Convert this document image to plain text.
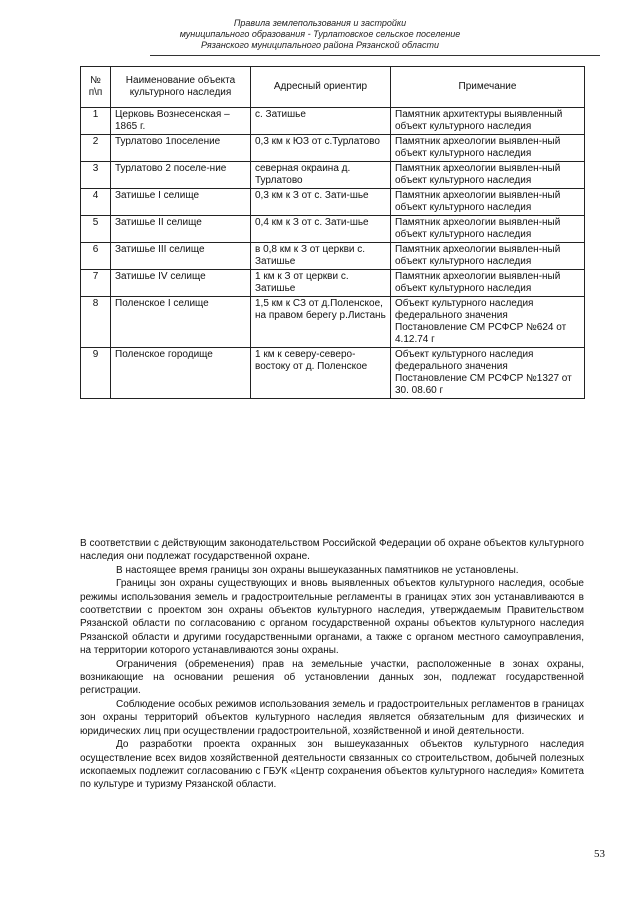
Правила землепользования и застройки
муниципального образования - Турлатовское сельское поселение
Рязанского муниципального района Рязанской области
№ п\п	Наименование объекта культурного наследия	Адресный ориентир	Примечание
1	Церковь Вознесенская – 1865 г.	с. Затишье	Памятник архитектуры выявленный объект культурного наследия
2	Турлатово 1поселение	0,3 км к ЮЗ от с.Турлатово	Памятник археологии выявлен-ный объект культурного наследия
3	Турлатово 2 поселе-ние	северная окраина д. Турлатово	Памятник археологии выявлен-ный объект культурного наследия
4	Затишье I селище	0,3 км к З от с. Зати-шье	Памятник археологии выявлен-ный объект культурного наследия
5	Затишье II селище	0,4 км к З от с. Зати-шье	Памятник археологии выявлен-ный объект культурного наследия
6	Затишье III селище	в 0,8 км к З от церкви с. Затишье	Памятник археологии выявлен-ный объект культурного наследия
7	Затишье IV селище	1 км к З от церкви с. Затишье	Памятник археологии выявлен-ный объект культурного наследия
8	Поленское I селище	1,5 км к СЗ от д.Поленское, на правом берегу р.Листань	Объект культурного наследия федерального значения Постановление СМ РСФСР №624 от 4.12.74 г
9	Поленское городище	1 км к северу-северо-востоку от д. Поленское	Объект культурного наследия федерального значения Постановление СМ РСФСР №1327 от 30. 08.60 г

В соответствии с действующим законодательством Российской Федерации об охране объектов культурного наследия они подлежат государственной охране.

В настоящее время границы зон охраны вышеуказанных памятников не установлены.

Границы зон охраны существующих и вновь выявленных объектов культурного наследия, особые режимы использования земель и градостроительные регламенты в границах этих зон устанавливаются в соответствии с проектом зон охраны объектов культурного наследия, утверждаемым Правительством Рязанской области по согласованию с органом государственной охраны объектов культурного наследия Рязанской области и другими государственными органами, а также с органом местного самоуправления, на территории которого устанавливаются зоны охраны.

Ограничения (обременения) прав на земельные участки, расположенные в зонах охраны, возникающие на основании решения об установлении данных зон, подлежат государственной регистрации.

Соблюдение особых режимов использования земель и градостроительных регламентов в границах зон охраны территорий объектов культурного наследия является обязательным для физических и юридических лиц при осуществлении градостроительной, хозяйственной и иной деятельности.

До разработки проекта охранных зон вышеуказанных объектов культурного наследия осуществление всех видов хозяйственной деятельности связанных со строительством, добычей полезных ископаемых подлежит согласованию с ГБУК «Центр сохранения объектов культурного наследия» Комитета по культуре и туризму Рязанской области.

53
